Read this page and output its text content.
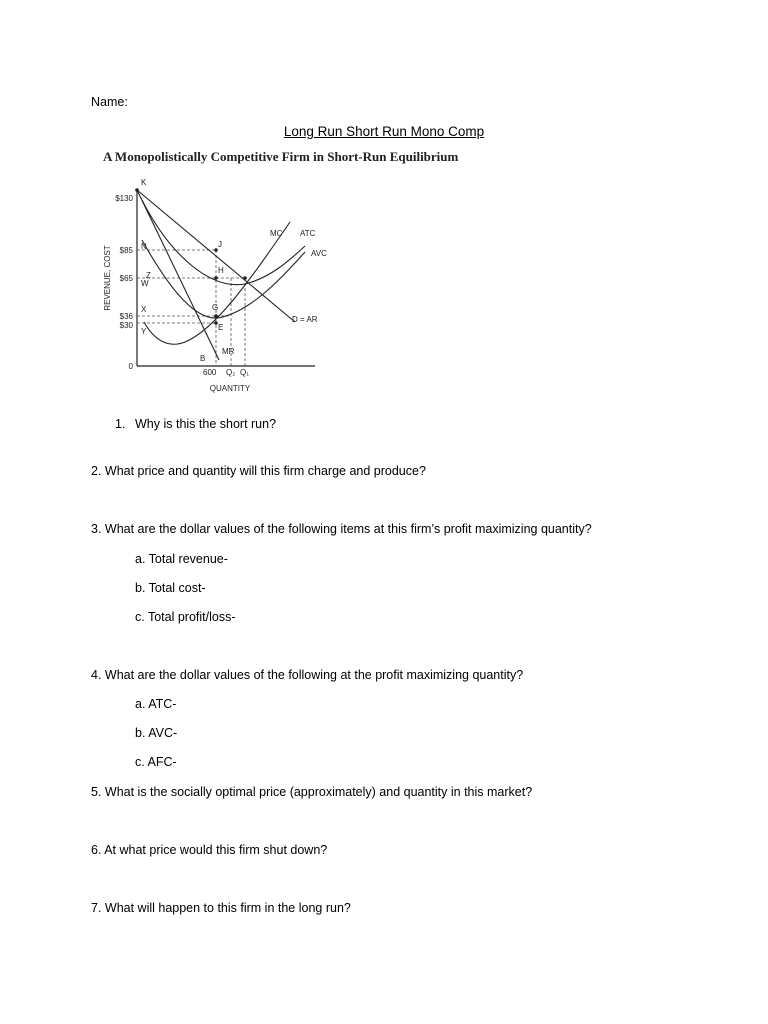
Name:
Long Run Short Run Mono Comp
A Monopolistically Competitive Firm in Short-Run Equilibrium
$130
$85
$65
$36
$30
0
REVENUE, COST
K
N
Z
W
X
Y
J
H
G
E
B
MC ATC
AVC
D = AR
MR
600 Q₂ Q₁
QUANTITY
1. Why is this the short run?
2. What price and quantity will this firm charge and produce?
3. What are the dollar values of the following items at this firm’s profit maximizing quantity?
a. Total revenue-
b. Total cost-
c. Total profit/loss-
4. What are the dollar values of the following at the profit maximizing quantity?
a. ATC-
b. AVC-
c. AFC-
5. What is the socially optimal price (approximately) and quantity in this market?
6. At what price would this firm shut down?
7. What will happen to this firm in the long run?
